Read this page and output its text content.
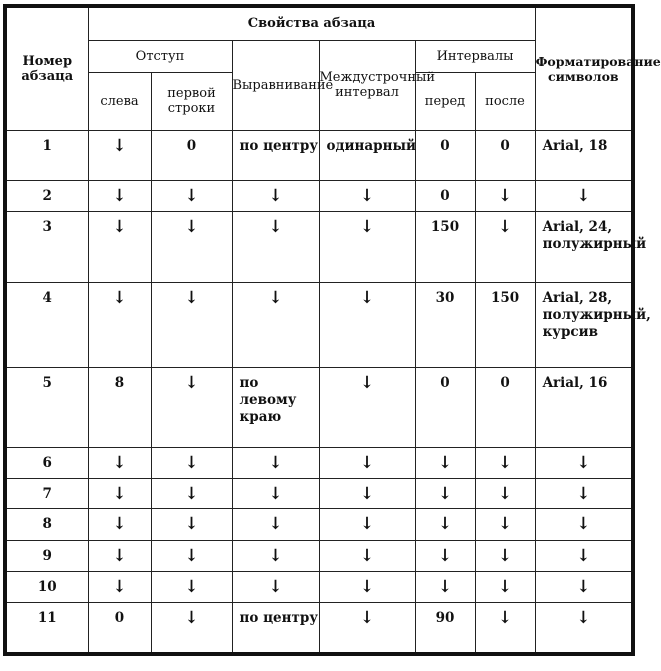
Номер абзаца	Свойства абзаца						Форматирование символов
	Отступ		Выравнивание	Междустрочный интервал	Интервалы		
	слева	первой строки			перед	после	
1	↓	0	по центру	одинарный	0	0	Arial, 18
2	↓	↓	↓	↓	0	↓	↓
3	↓	↓	↓	↓	150	↓	Arial, 24, полужирный
4	↓	↓	↓	↓	30	150	Arial, 28, полужирный, курсив
5	8	↓	по левому краю	↓	0	0	Arial, 16
6	↓	↓	↓	↓	↓	↓	↓
7	↓	↓	↓	↓	↓	↓	↓
8	↓	↓	↓	↓	↓	↓	↓
9	↓	↓	↓	↓	↓	↓	↓
10	↓	↓	↓	↓	↓	↓	↓
11	0	↓	по центру	↓	90	↓	↓
